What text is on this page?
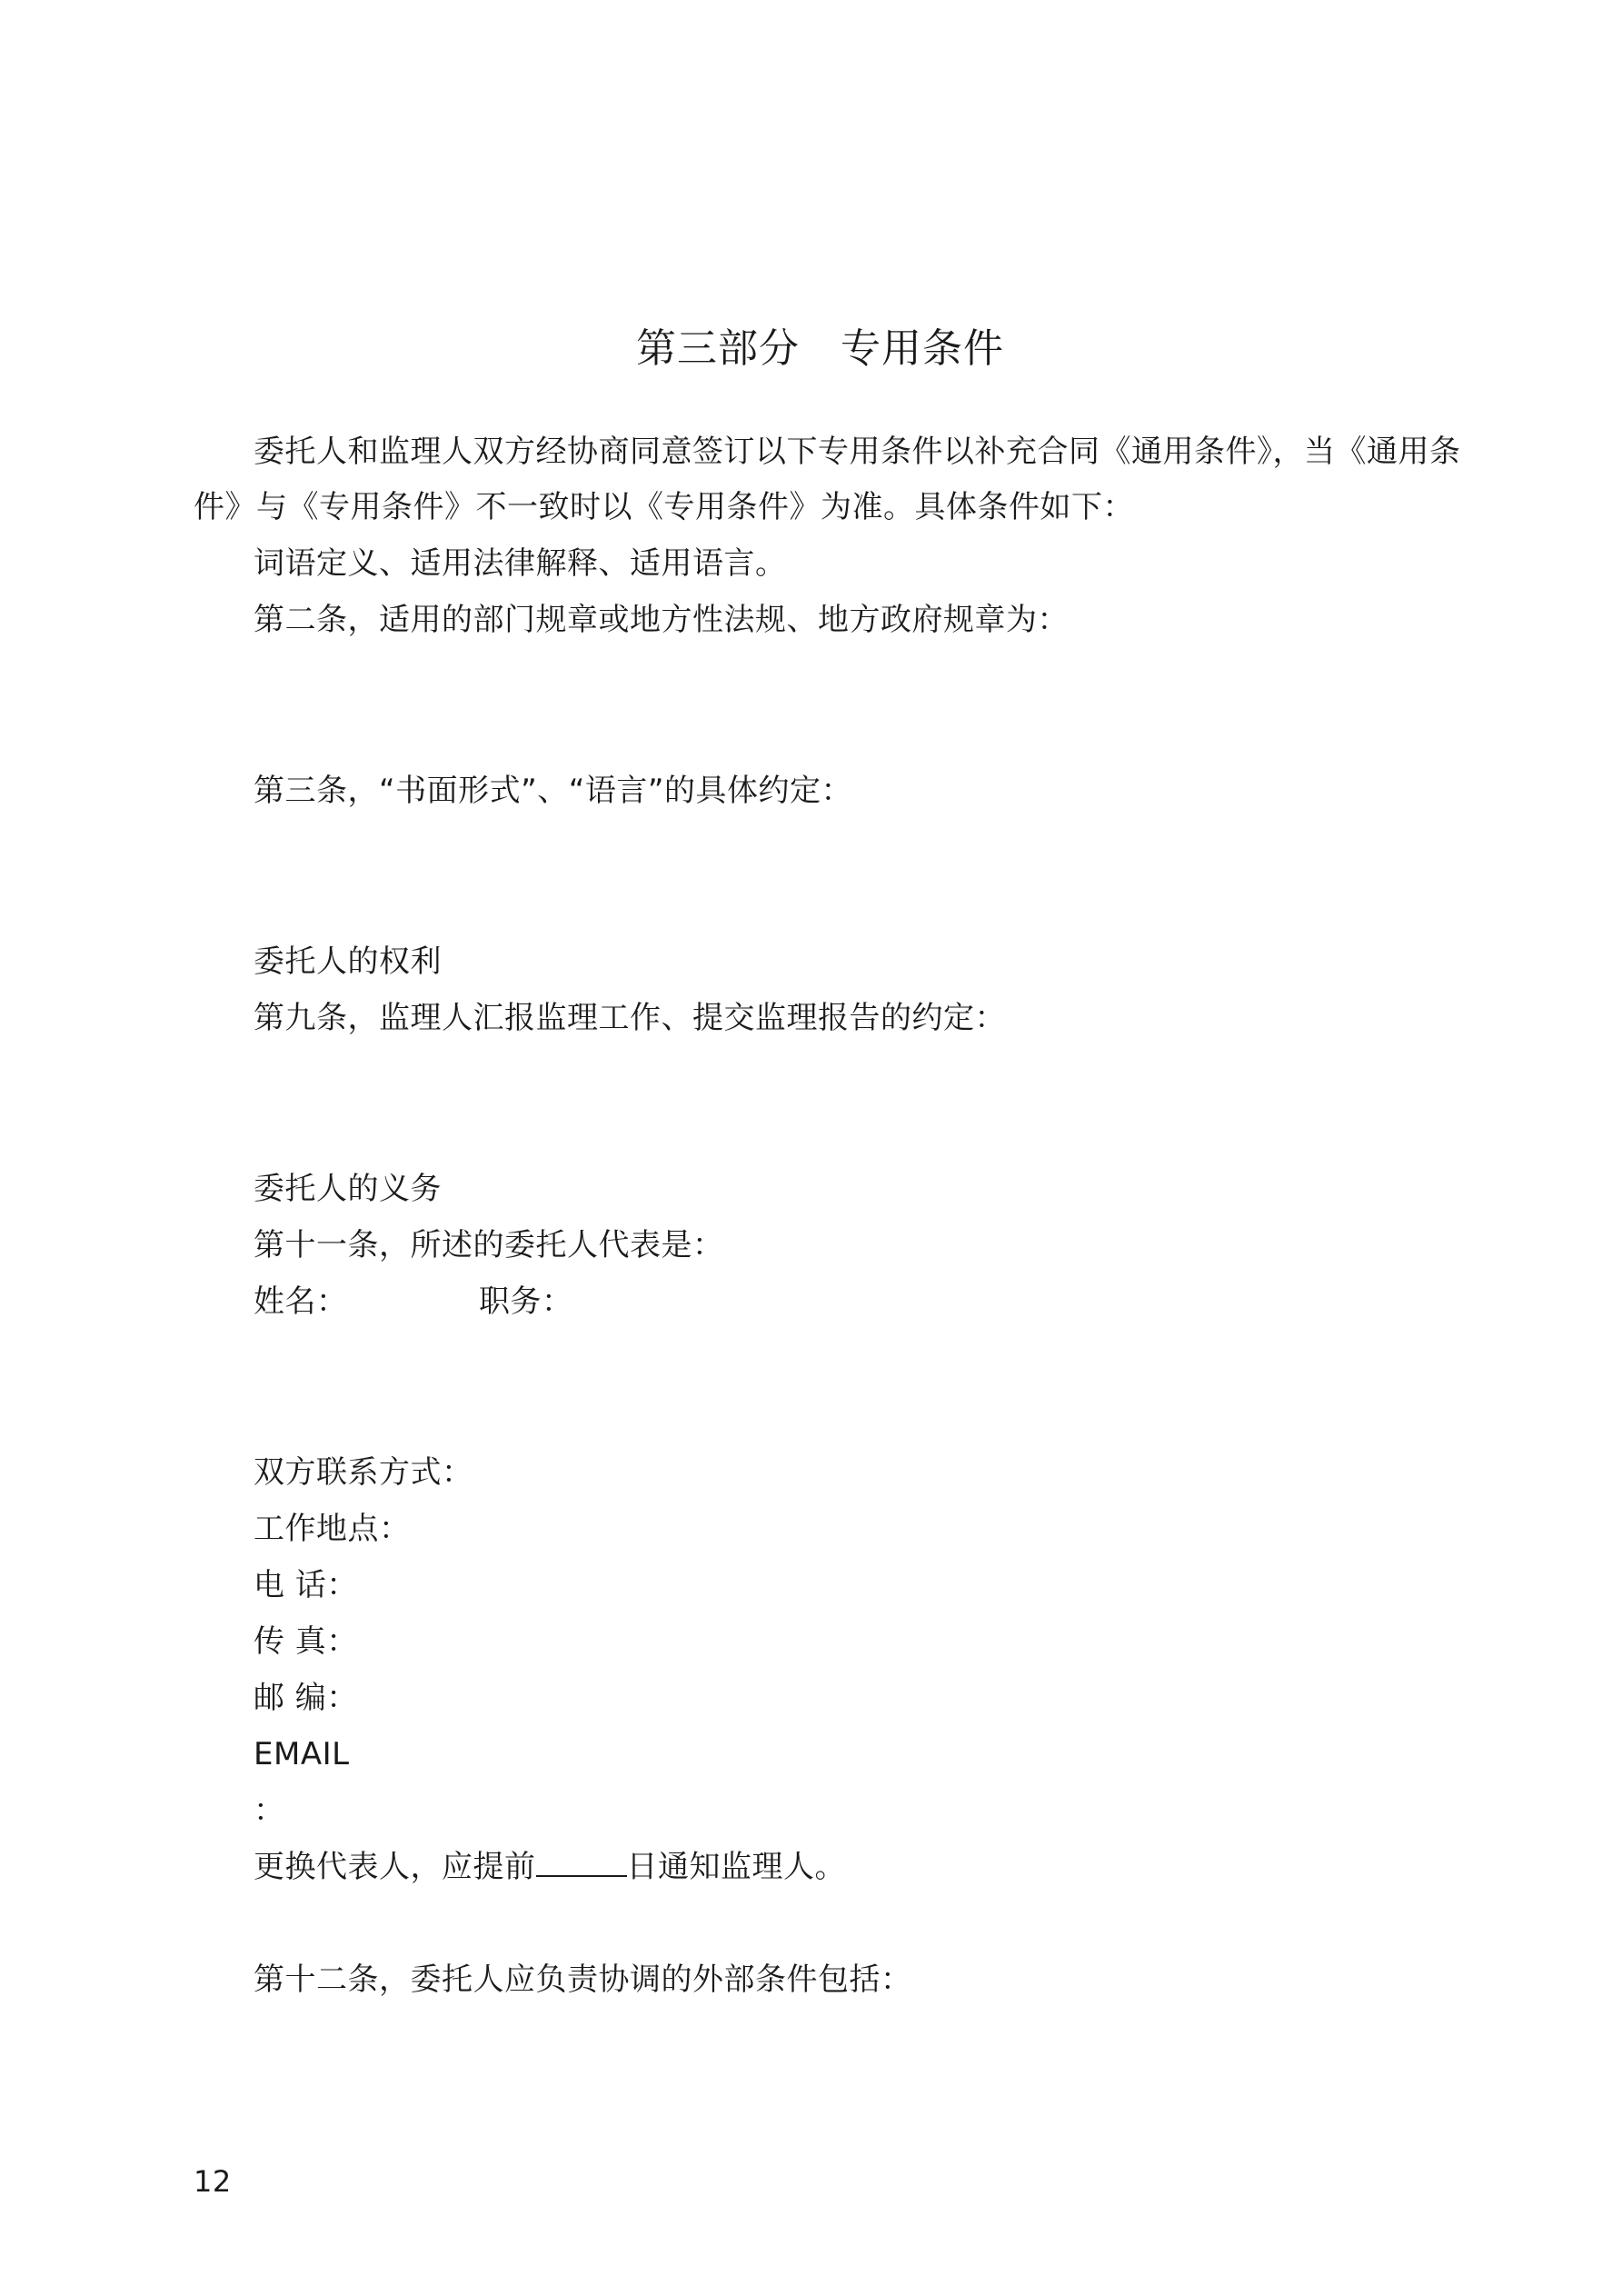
第三部分　专用条件
委托人和监理人双方经协商同意签订以下专用条件以补充合同《通用条件》，当《通用条
件》与《专用条件》不一致时以《专用条件》为准。具体条件如下：
词语定义、适用法律解释、适用语言。
第二条，适用的部门规章或地方性法规、地方政府规章为：
第三条，“书面形式”、“语言”的具体约定：
委托人的权利
第九条，监理人汇报监理工作、提交监理报告的约定：
委托人的义务
第十一条，所述的委托人代表是：
姓名：	职务：
双方联系方式：
工作地点：
电 话：
传 真：
邮 编：
EMAIL
：
更换代表人，应提前	日通知监理人。
第十二条，委托人应负责协调的外部条件包括：
12
